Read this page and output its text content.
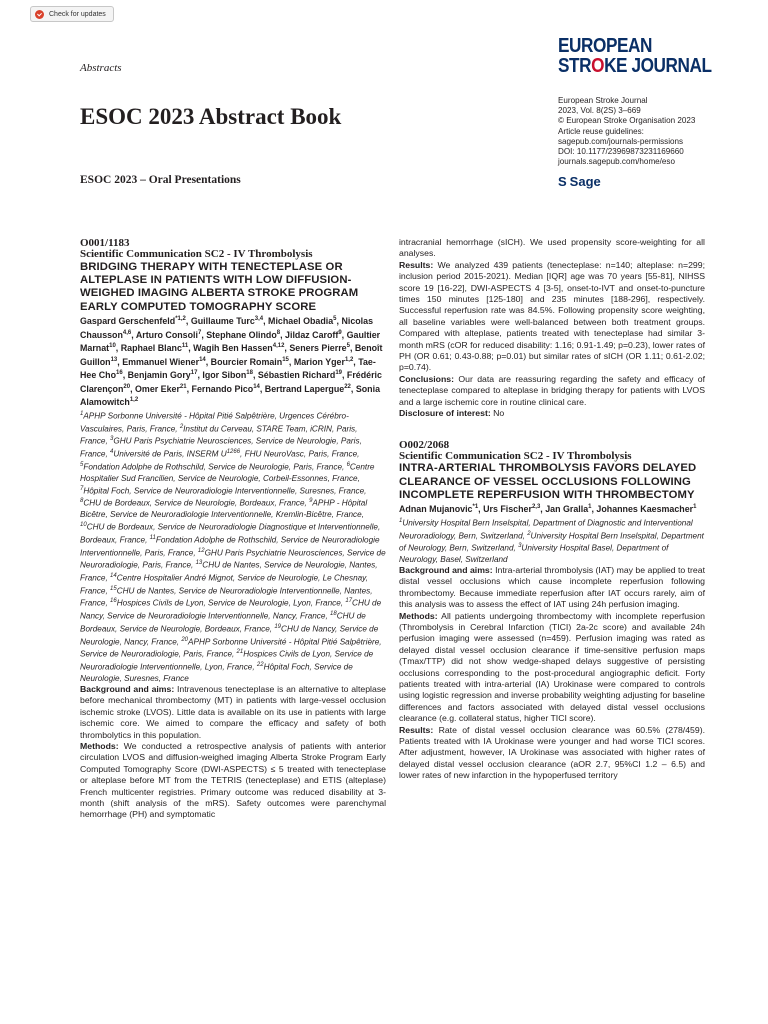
Check for updates
Abstracts
EUROPEAN
STROKE JOURNAL
ESOC 2023 Abstract Book
European Stroke Journal
2023, Vol. 8(2S) 3–669
© European Stroke Organisation 2023
Article reuse guidelines:
sagepub.com/journals-permissions
DOI: 10.1177/23969873231169660
journals.sagepub.com/home/eso
S Sage
ESOC 2023 – Oral Presentations

O001/1183

Scientific Communication SC2 - IV Thrombolysis

BRIDGING THERAPY WITH TENECTEPLASE OR ALTEPLASE IN PATIENTS WITH LOW DIFFUSION-WEIGHED IMAGING ALBERTA STROKE PROGRAM EARLY COMPUTED TOMOGRAPHY SCORE

Gaspard Gerschenfeld$^{*1,2}$, Guillaume Turc$^{3,4}$, Michael Obadia$^5$, Nicolas Chausson$^{4,6}$, Arturo Consoli$^7$, Stephane Olindo$^8$, Jildaz Caroff$^9$, Gaultier Marnat$^{10}$, Raphael Blanc$^{11}$, Wagih Ben Hassen$^{4,12}$, Seners Pierre$^5$, Benoît Guillon$^{13}$, Emmanuel Wiener$^{14}$, Bourcier Romain$^{15}$, Marion Yger$^{1,2}$, Tae-Hee Cho$^{16}$, Benjamin Gory$^{17}$, Igor Sibon$^{18}$, Sébastien Richard$^{19}$, Frédéric Clarençon$^{20}$, Omer Eker$^{21}$, Fernando Pico$^{14}$, Bertrand Lapergue$^{22}$, Sonia Alamowitch$^{1,2}$

$^1$APHP Sorbonne Université - Hôpital Pitié Salpêtrière, Urgences Cérébro-Vasculaires, Paris, France, $^2$Institut du Cerveau, STARE Team, iCRIN, Paris, France, $^3$GHU Paris Psychiatrie Neurosciences, Service de Neurologie, Paris, France, $^4$Université de Paris, INSERM $U^{1266}$, FHU NeuroVasc, Paris, France, $^5$Fondation Adolphe de Rothschild, Service de Neurologie, Paris, France, $^6$Centre Hospitalier Sud Francilien, Service de Neurologie, Corbeil-Essonnes, France, $^7$Hôpital Foch, Service de Neuroradiologie Interventionnelle, Suresnes, France, $^8$CHU de Bordeaux, Service de Neurologie, Bordeaux, France, $^9$APHP - Hôpital Bicêtre, Service de Neuroradiologie Interventionnelle, Kremlin-Bicêtre, France, $^{10}$CHU de Bordeaux, Service de Neuroradiologie Diagnostique et Interventionnelle, Bordeaux, France, $^{11}$Fondation Adolphe de Rothschild, Service de Neuroradiologie Interventionnelle, Paris, France, $^{12}$GHU Paris Psychiatrie Neurosciences, Service de Neuroradiologie, Paris, France, $^{13}$CHU de Nantes, Service de Neurologie, Nantes, France, $^{14}$Centre Hospitalier André Mignot, Service de Neurologie, Le Chesnay, France, $^{15}$CHU de Nantes, Service de Neuroradiologie Interventionnelle, Nantes, France, $^{16}$Hospices Civils de Lyon, Service de Neurologie, Lyon, France, $^{17}$CHU de Nancy, Service de Neuroradiologie Interventionnelle, Nancy, France, $^{18}$CHU de Bordeaux, Service de Neurologie, Bordeaux, France, $^{19}$CHU de Nancy, Service de Neurologie, Nancy, France, $^{20}$APHP Sorbonne Université - Hôpital Pitié Salpêtrière, Service de Neuroradiologie, Paris, France, $^{21}$Hospices Civils de Lyon, Service de Neuroradiologie Interventionnelle, Lyon, France, $^{22}$Hôpital Foch, Service de Neurologie, Suresnes, France

Background and aims: Intravenous tenecteplase is an alternative to alteplase before mechanical thrombectomy (MT) in patients with large-vessel occlusion ischemic stroke (LVOS). Little data is available on its use in patients with large ischemic core. We aimed to compare the efficacy and safety of both thrombolytics in this population.

Methods: We conducted a retrospective analysis of patients with anterior circulation LVOS and diffusion-weighed imaging Alberta Stroke Program Early Computed Tomography Score (DWI-ASPECTS) ≤ 5 treated with tenecteplase or alteplase before MT from the TETRIS (tenecteplase) and ETIS (alteplase) French multicenter registries. Primary outcome was reduced disability at 3-month (shift analysis of the mRS). Safety outcomes were parenchymal hemorrhage (PH) and symptomatic

intracranial hemorrhage (sICH). We used propensity score-weighting for all analyses.

Results: We analyzed 439 patients (tenecteplase: n=140; alteplase: n=299; inclusion period 2015-2021). Median [IQR] age was 70 years [55-81], NIHSS score 19 [16-22], DWI-ASPECTS 4 [3-5], onset-to-IVT and onset-to-puncture times 150 minutes [125-180] and 235 minutes [188-296], respectively. Successful reperfusion rate was 84.5%. Following propensity score weighting, all baseline variables were well-balanced between both treatment groups. Compared with alteplase, patients treated with tenecteplase had similar 3-month mRS (cOR for reduced disability: 1.16; 0.91-1.49; p=0.23), lower rates of PH (OR 0.61; 0.43-0.88; p=0.01) but similar rates of sICH (OR 1.11; 0.61-2.02; p=0.74).

Conclusions: Our data are reassuring regarding the safety and efficacy of tenecteplase compared to alteplase in bridging therapy for patients with LVOS and a large ischemic core in routine clinical care.

Disclosure of interest: No

O002/2068

Scientific Communication SC2 - IV Thrombolysis

INTRA-ARTERIAL THROMBOLYSIS FAVORS DELAYED CLEARANCE OF VESSEL OCCLUSIONS FOLLOWING INCOMPLETE REPERFUSION WITH THROMBECTOMY

Adnan Mujanovic$^{*1}$, Urs Fischer$^{2,3}$, Jan Gralla$^1$, Johannes Kaesmacher$^1$

$^1$University Hospital Bern Inselspital, Department of Diagnostic and Interventional Neuroradiology, Bern, Switzerland, $^2$University Hospital Bern Inselspital, Department of Neurology, Bern, Switzerland, $^3$University Hospital Basel, Department of Neurology, Basel, Switzerland

Background and aims: Intra-arterial thrombolysis (IAT) may be applied to treat distal vessel occlusions which cause incomplete reperfusion following thrombectomy. Because immediate reperfusion after IAT occurs rarely, aim of this analysis was to assess the effect of IAT using 24h perfusion imaging.

Methods: All patients undergoing thrombectomy with incomplete reperfusion (Thrombolysis in Cerebral Infarction (TICI) 2a-2c score) and available 24h perfusion imaging were assessed (n=459). Perfusion imaging was rated as delayed distal vessel occlusion clearance if time-sensitive perfusion maps (Tmax/TTP) did not show wedge-shaped delays suggestive of persisting occlusions corresponding to the post-procedural angiographic deficit. Forty patients treated with intra-arterial (IA) Urokinase were compared to controls using logistic regression and inverse probability weighting adjusting for baseline differences and factors associated with delayed distal vessel occlusions clearance (e.g. collateral status, higher TICI score).

Results: Rate of distal vessel occlusion clearance was 60.5% (278/459). Patients treated with IA Urokinase were younger and had worse TICI scores. After adjustment, however, IA Urokinase was associated with higher rates of delayed distal vessel occlusion clearance (aOR 2.7, 95%CI 1.2 – 6.5) and lower rates of new infarction in the hypoperfused territory
